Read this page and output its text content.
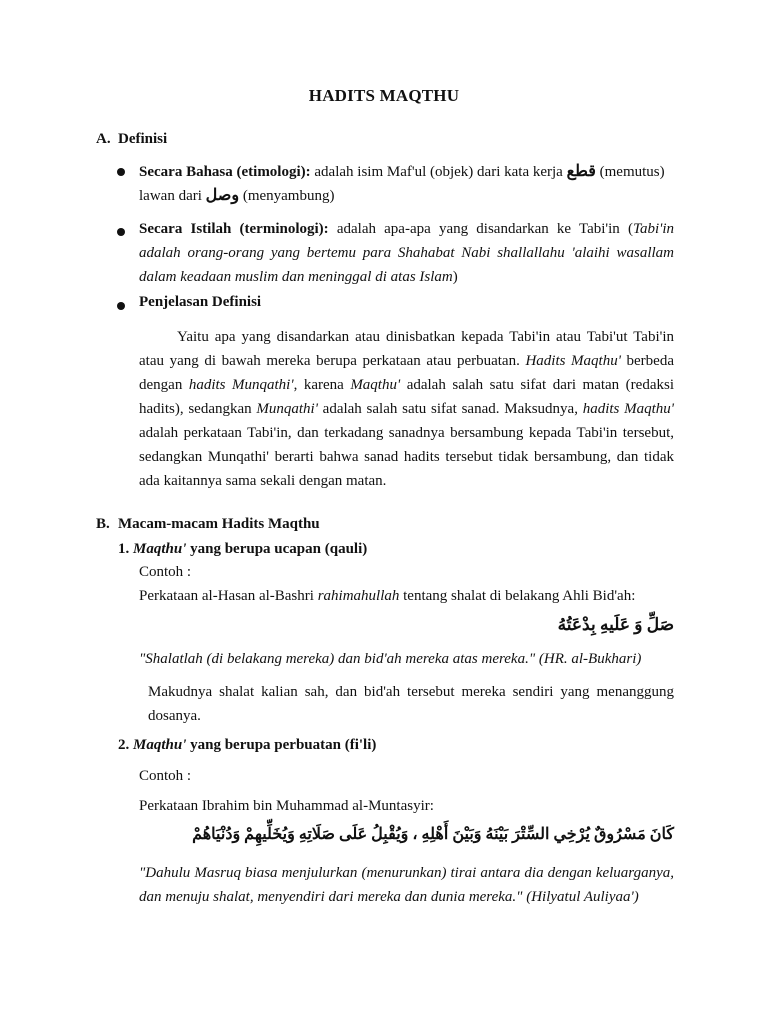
HADITS MAQTHU
A. Definisi
Secara Bahasa (etimologi): adalah isim Maf'ul (objek) dari kata kerja قطع (memutus)
lawan dari وصل (menyambung)
Secara Istilah (terminologi): adalah apa-apa yang disandarkan ke Tabi'in (Tabi'in adalah orang-orang yang bertemu para Shahabat Nabi shallallahu 'alaihi wasallam dalam keadaan muslim dan meninggal di atas Islam)
Penjelasan Definisi
Yaitu apa yang disandarkan atau dinisbatkan kepada Tabi'in atau Tabi'ut Tabi'in atau yang di bawah mereka berupa perkataan atau perbuatan. Hadits Maqthu' berbeda dengan hadits Munqathi', karena Maqthu' adalah salah satu sifat dari matan (redaksi hadits), sedangkan Munqathi' adalah salah satu sifat sanad. Maksudnya, hadits Maqthu' adalah perkataan Tabi'in, dan terkadang sanadnya bersambung kepada Tabi'in tersebut, sedangkan Munqathi' berarti bahwa sanad hadits tersebut tidak bersambung, dan tidak ada kaitannya sama sekali dengan matan.
B. Macam-macam Hadits Maqthu
1. Maqthu' yang berupa ucapan (qauli)
Contoh :
Perkataan al-Hasan al-Bashri rahimahullah tentang shalat di belakang Ahli Bid'ah:
صَلِّ وَ عَلَيهِ بِدْعَتُهُ
"Shalatlah (di belakang mereka) dan bid'ah mereka atas mereka." (HR. al-Bukhari)
Makudnya shalat kalian sah, dan bid'ah tersebut mereka sendiri yang menanggung dosanya.
2. Maqthu' yang berupa perbuatan (fi'li)
Contoh :
Perkataan Ibrahim bin Muhammad al-Muntasyir:
كَانَ مَسْرُوقٌ يُرْخِي السِّتْرَ بَيْنَهُ وَبَيْنَ أَهْلِهِ ، وَيُقْبِلُ عَلَى صَلَاتِهِ وَيُخَلِّيهِمْ وَدُنْيَاهُمْ
"Dahulu Masruq biasa menjulurkan (menurunkan) tirai antara dia dengan keluarganya, dan menuju shalat, menyendiri dari mereka dan dunia mereka." (Hilyatul Auliyaa')
